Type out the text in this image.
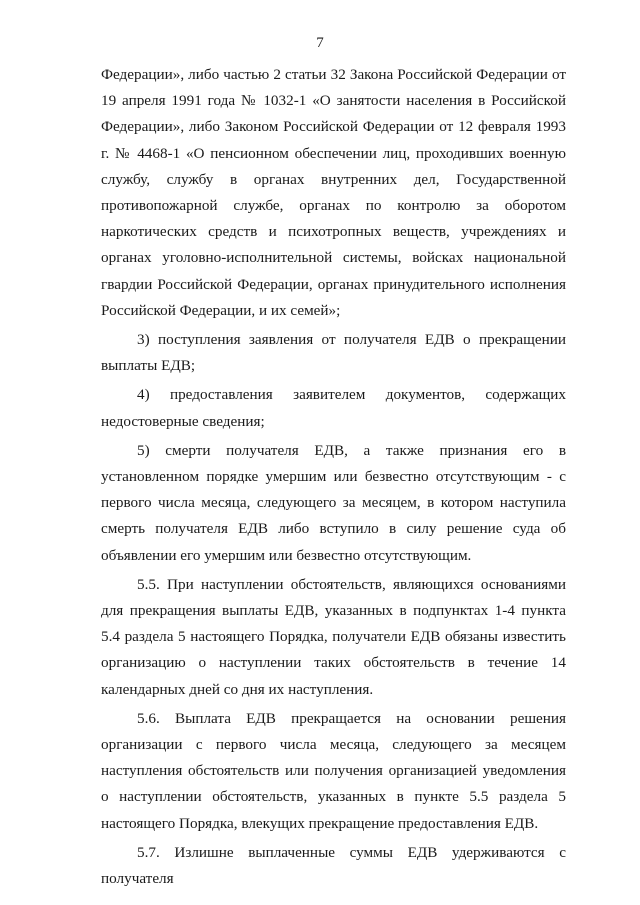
7

Федерации», либо частью 2 статьи 32 Закона Российской Федерации от 19 апреля 1991 года № 1032-1 «О занятости населения в Российской Федерации», либо Законом Российской Федерации от 12 февраля 1993 г. № 4468-1 «О пенсионном обеспечении лиц, проходивших военную службу, службу в органах внутренних дел, Государственной противопожарной службе, органах по контролю за оборотом наркотических средств и психотропных веществ, учреждениях и органах уголовно-исполнительной системы, войсках национальной гвардии Российской Федерации, органах принудительного исполнения Российской Федерации, и их семей»;

3) поступления заявления от получателя ЕДВ о прекращении выплаты ЕДВ;

4) предоставления заявителем документов, содержащих недостоверные сведения;

5) смерти получателя ЕДВ, а также признания его в установленном порядке умершим или безвестно отсутствующим - с первого числа месяца, следующего за месяцем, в котором наступила смерть получателя ЕДВ либо вступило в силу решение суда об объявлении его умершим или безвестно отсутствующим.

5.5. При наступлении обстоятельств, являющихся основаниями для прекращения выплаты ЕДВ, указанных в подпунктах 1-4 пункта 5.4 раздела 5 настоящего Порядка, получатели ЕДВ обязаны известить организацию о наступлении таких обстоятельств в течение 14 календарных дней со дня их наступления.

5.6. Выплата ЕДВ прекращается на основании решения организации с первого числа месяца, следующего за месяцем наступления обстоятельств или получения организацией уведомления о наступлении обстоятельств, указанных в пункте 5.5 раздела 5 настоящего Порядка, влекущих прекращение предоставления ЕДВ.

5.7. Излишне выплаченные суммы ЕДВ удерживаются с получателя
